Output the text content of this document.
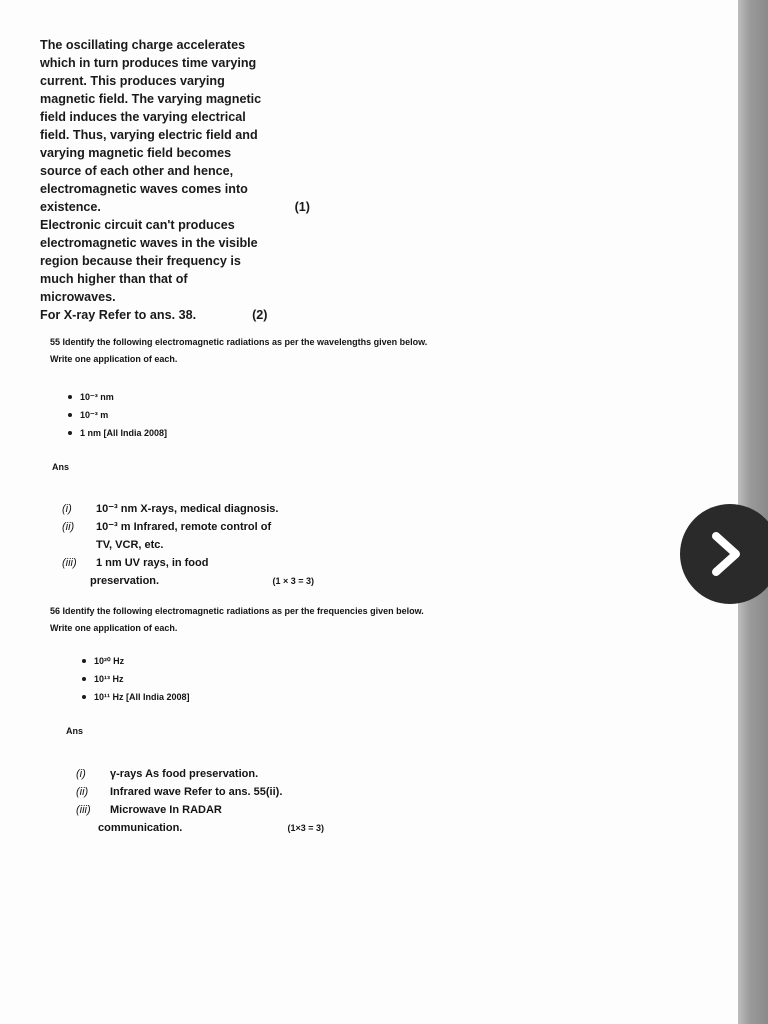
The oscillating charge accelerates

which in turn produces time varying

current. This produces varying

magnetic field. The varying magnetic

field induces the varying electrical

field. Thus, varying electric field and

varying magnetic field becomes

source of each other and hence,

electromagnetic waves comes into

existence.	(1)

Electronic circuit can't produces

electromagnetic waves in the visible

region because their frequency is

much higher than that of

microwaves.

For X-ray Refer to ans. 38.	(2)
55 Identify the following electromagnetic radiations as per the wavelengths given below.
Write one application of each.
10⁻³ nm
10⁻³ m
1 nm [All India 2008]
Ans
(i)	10⁻³ nm X-rays, medical diagnosis.
(ii)	10⁻³ m Infrared, remote control of
TV, VCR, etc.
(iii)	1 nm UV rays, in food
preservation.	(1 × 3 = 3)
56 Identify the following electromagnetic radiations as per the frequencies given below.
Write one application of each.
10²⁰ Hz
10¹³ Hz
10¹¹ Hz [All India 2008]
Ans
(i)	γ-rays As food preservation.
(ii)	Infrared wave Refer to ans. 55(ii).
(iii)	Microwave In RADAR
communication.	(1×3 = 3)
